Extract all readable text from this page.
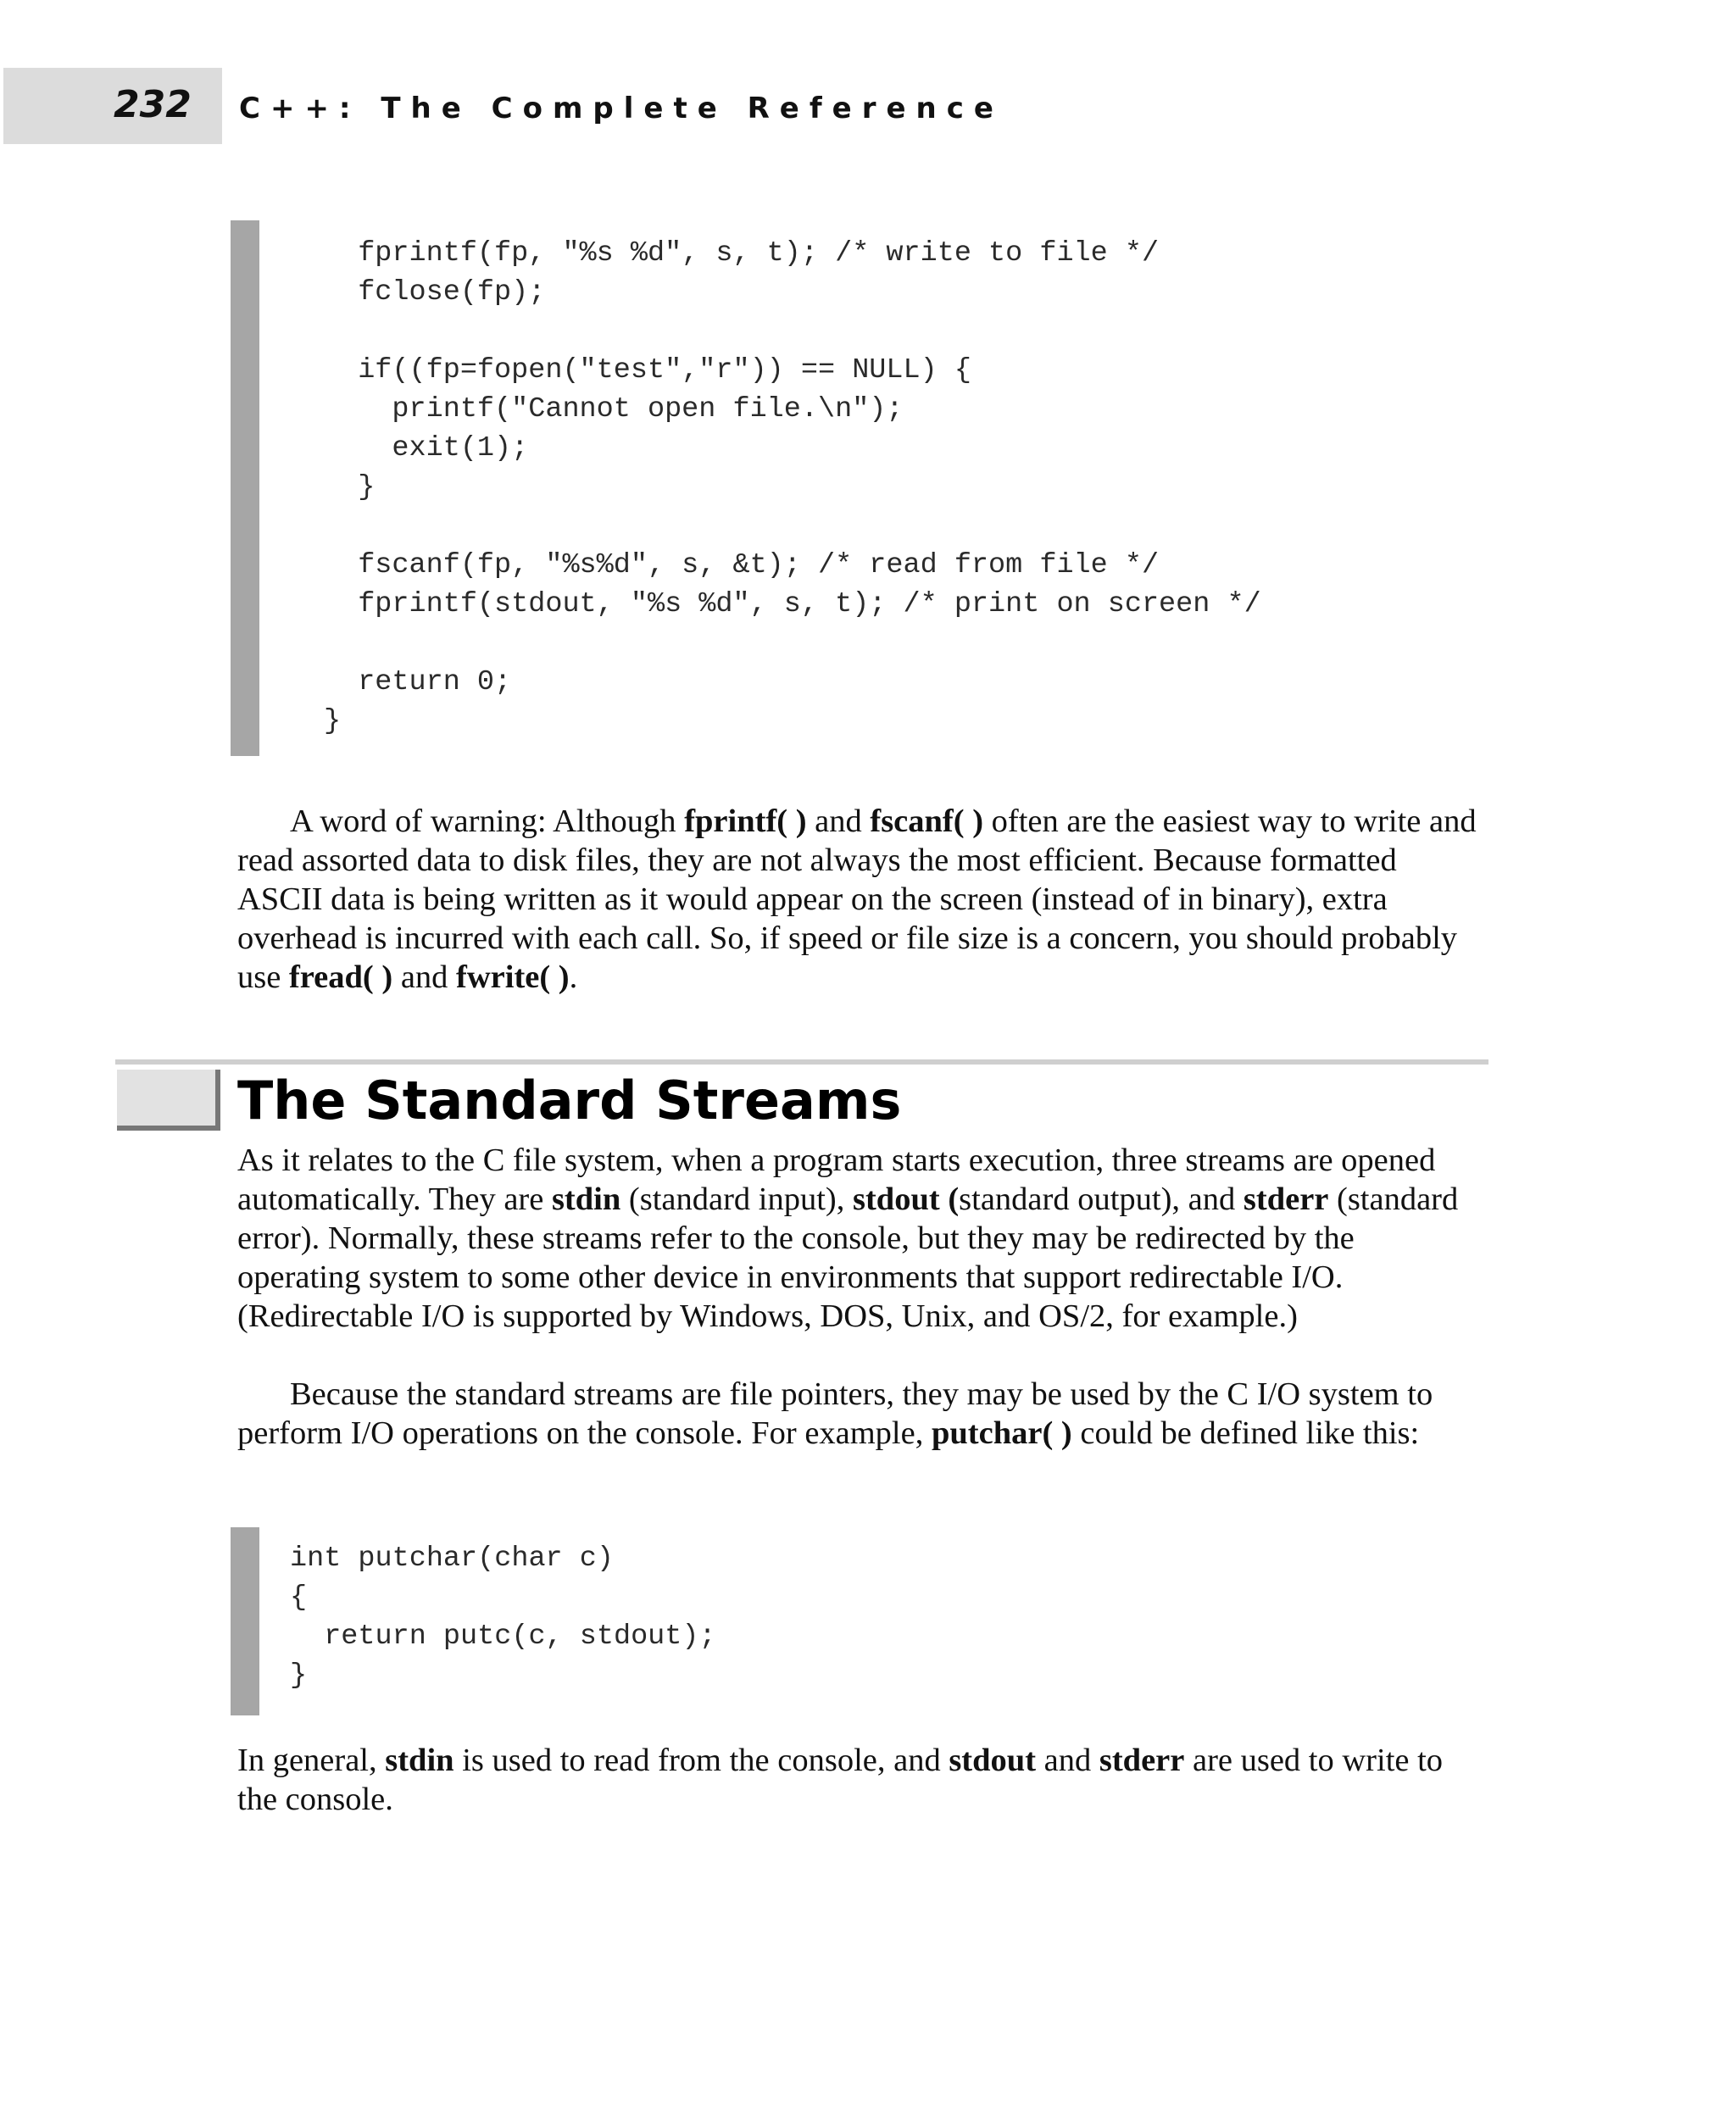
232 C++: The Complete Reference
fprintf(fp, "%s %d", s, t); /* write to file */
fclose(fp);
if((fp=fopen("test","r")) == NULL) {
printf("Cannot open file.\n");
exit(1);
}
fscanf(fp, "%s%d", s, &t); /* read from file */
fprintf(stdout, "%s %d", s, t); /* print on screen */
return 0;
}

A word of warning: Although fprintf( ) and fscanf( ) often are the easiest way to write and read assorted data to disk files, they are not always the most efficient. Because formatted ASCII data is being written as it would appear on the screen (instead of in binary), extra overhead is incurred with each call. So, if speed or file size is a concern, you should probably use fread( ) and fwrite( ).

The Standard Streams

As it relates to the C file system, when a program starts execution, three streams are opened automatically. They are stdin (standard input), stdout (standard output), and stderr (standard error). Normally, these streams refer to the console, but they may be redirected by the operating system to some other device in environments that support redirectable I/O. (Redirectable I/O is supported by Windows, DOS, Unix, and OS/2, for example.)

Because the standard streams are file pointers, they may be used by the C I/O system to perform I/O operations on the console. For example, putchar( ) could be defined like this:

int putchar(char c)
{
return putc(c, stdout);
}

In general, stdin is used to read from the console, and stdout and stderr are used to write to the console.
